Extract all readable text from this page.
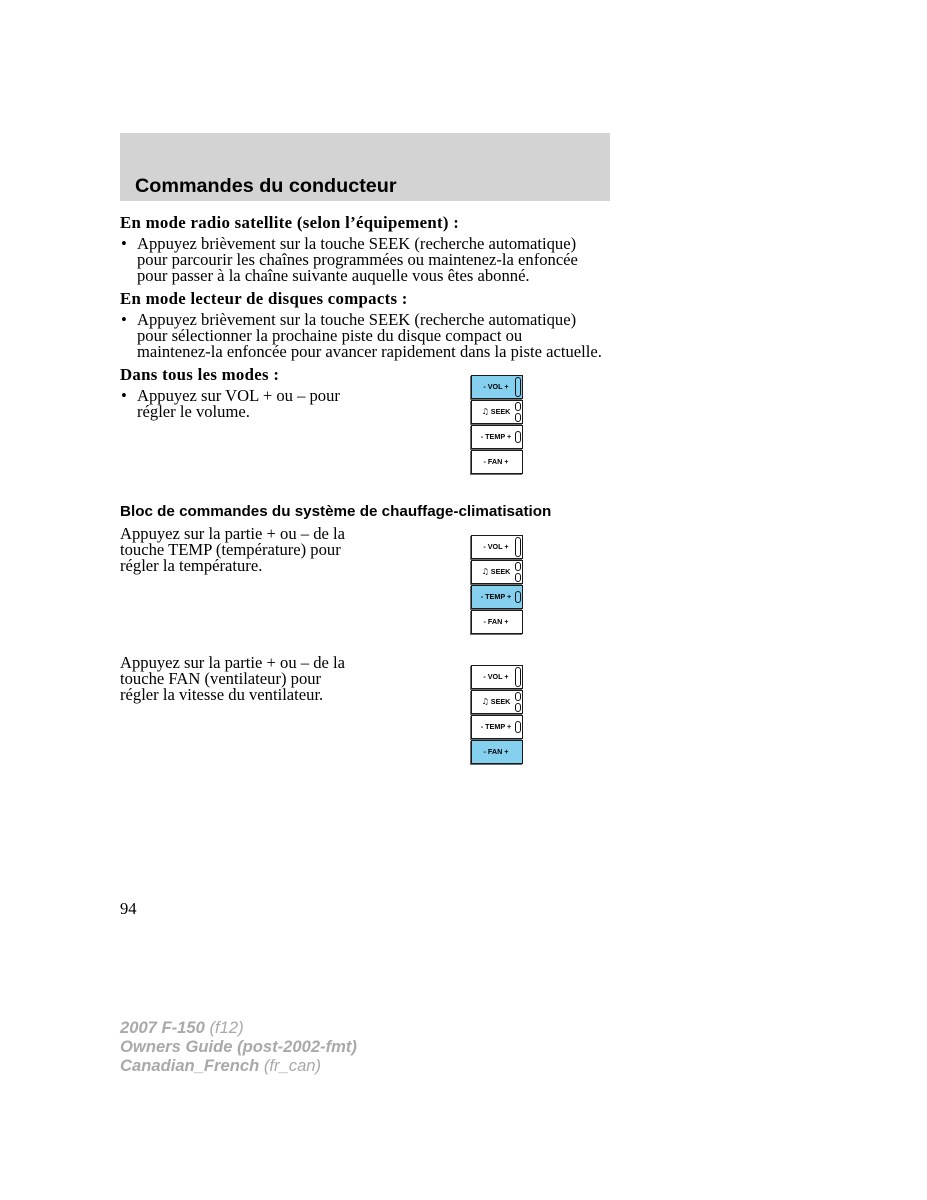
Commandes du conducteur
En mode radio satellite (selon l’équipement) :
• Appuyez brièvement sur la touche SEEK (recherche automatique)
pour parcourir les chaînes programmées ou maintenez-la enfoncée
pour passer à la chaîne suivante auquelle vous êtes abonné.
En mode lecteur de disques compacts :
• Appuyez brièvement sur la touche SEEK (recherche automatique)
pour sélectionner la prochaine piste du disque compact ou
maintenez-la enfoncée pour avancer rapidement dans la piste actuelle.
Dans tous les modes :
• Appuyez sur VOL + ou – pour
régler le volume.
- VOL +
♫ SEEK
- TEMP +
- FAN +
Bloc de commandes du système de chauffage-climatisation
Appuyez sur la partie + ou – de la
touche TEMP (température) pour
régler la température.
- VOL +
♫ SEEK
- TEMP +
- FAN +
Appuyez sur la partie + ou – de la
touche FAN (ventilateur) pour
régler la vitesse du ventilateur.
- VOL +
♫ SEEK
- TEMP +
- FAN +
94
2007 F-150 (f12)
Owners Guide (post-2002-fmt)
Canadian_French (fr_can)
